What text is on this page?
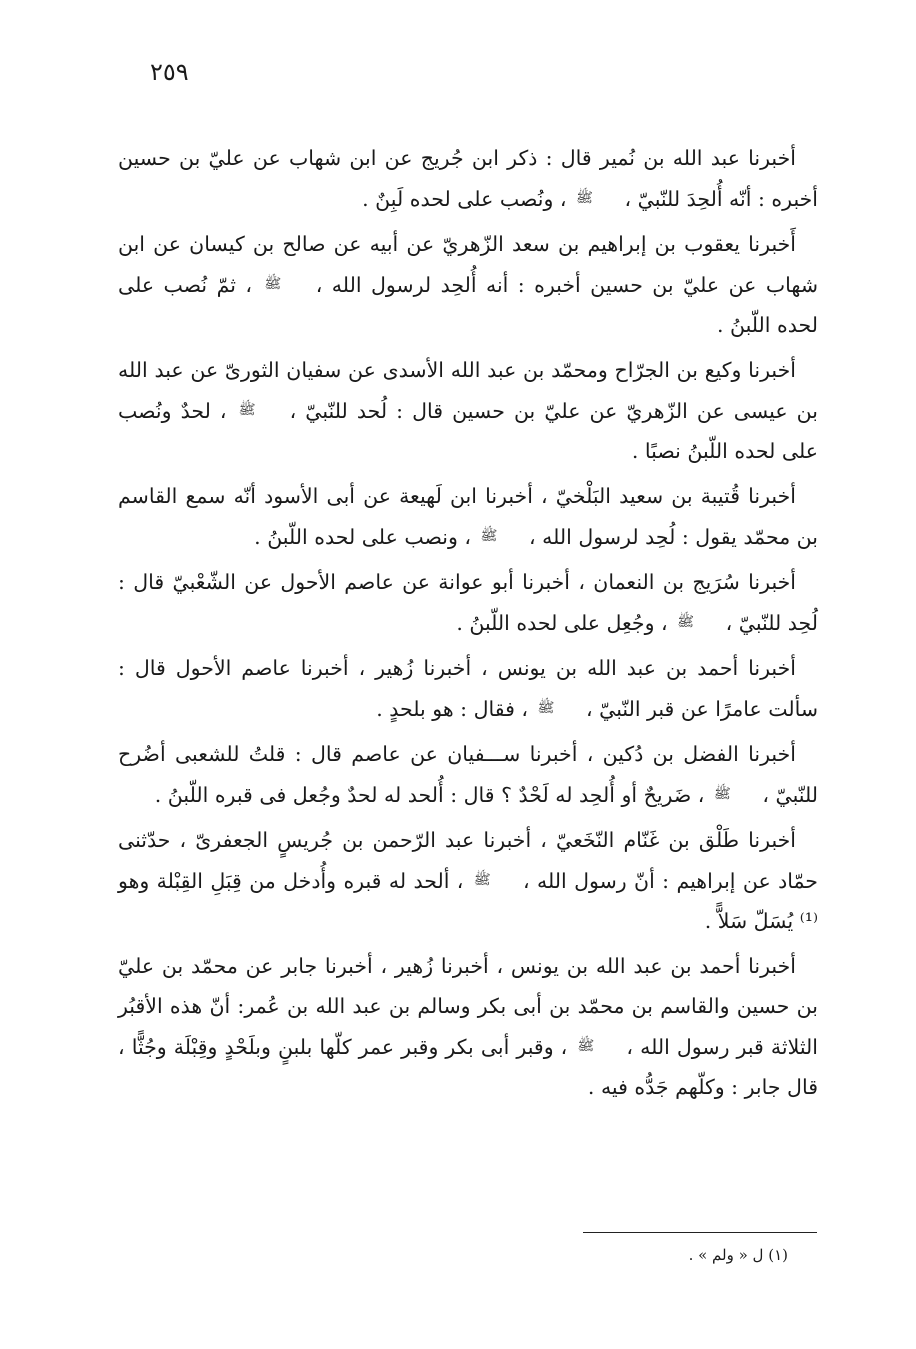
٢٥٩

أخبرنا عبد الله بن نُمير قال : ذكر ابن جُريج عن ابن شهاب عن عليّ بن حسين أخبره : أنّه أُلحِدَ للنّبيّ ، ﷺ ، ونُصب على لحده لَبِنٌ .

أَخبرنا يعقوب بن إبراهيم بن سعد الزّهريّ عن أبيه عن صالح بن كيسان عن ابن شهاب عن عليّ بن حسين أخبره : أنه أُلحِد لرسول الله ، ﷺ ، ثمّ نُصب على لحده اللّبنُ .

أخبرنا وكيع بن الجرّاح ومحمّد بن عبد الله الأسدى عن سفيان الثورىّ عن عبد الله بن عيسى عن الزّهريّ عن عليّ بن حسين قال : لُحد للنّبيّ ، ﷺ ، لحدٌ ونُصب على لحده اللّبنُ نصبًا .

أخبرنا قُتيبة بن سعيد البَلْخيّ ، أخبرنا ابن لَهيعة عن أبى الأسود أنّه سمع القاسم بن محمّد يقول : لُحِد لرسول الله ، ﷺ ، ونصب على لحده اللّبنُ .

أخبرنا سُرَيج بن النعمان ، أخبرنا أبو عوانة عن عاصم الأحول عن الشّعْبيّ قال : لُحِد للنّبيّ ، ﷺ ، وجُعِل على لحده اللّبنُ .

أخبرنا أحمد بن عبد الله بن يونس ، أخبرنا زُهير ، أخبرنا عاصم الأحول قال : سألت عامرًا عن قبر النّبيّ ، ﷺ ، فقال : هو بلحدٍ .

أخبرنا الفضل بن دُكين ، أخبرنا ســـفيان عن عاصم قال : قلتُ للشعبى أضُرح للنّبيّ ، ﷺ ، ضَريحٌ أو أُلحِد له لَحْدٌ ؟ قال : أُلحد له لحدٌ وجُعل فى قبره اللّبنُ .

أخبرنا طَلْق بن غَنّام النّخَعيّ ، أخبرنا عبد الرّحمن بن جُريسٍ الجعفرىّ ، حدّثنى حمّاد عن إبراهيم : أنّ رسول الله ، ﷺ ، ألحد له قبره وأُدخل من قِبَلِ القِبْلة وهو ⁽¹⁾ يُسَلّ سَلاًّ .

أخبرنا أحمد بن عبد الله بن يونس ، أخبرنا زُهير ، أخبرنا جابر عن محمّد بن عليّ بن حسين والقاسم بن محمّد بن أبى بكر وسالم بن عبد الله بن عُمر: أنّ هذه الأقبُر الثلاثة قبر رسول الله ، ﷺ ، وقبر أبى بكر وقبر عمر كلّها بلبنٍ وبلَحْدٍ وقِبْلَة وجُثًّا ، قال جابر : وكلّهم جَدُّه فيه .

(١) ل « ولم » .
